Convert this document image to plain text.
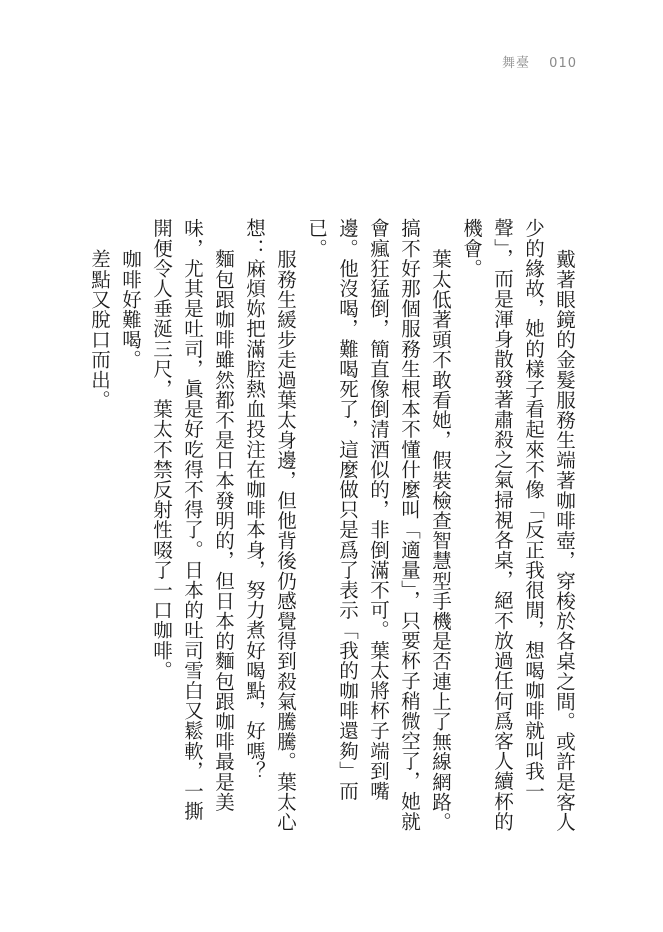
舞臺 010

戴著眼鏡的金髮服務生端著咖啡壺，穿梭於各桌之間。或許是客人少的緣故，她的樣子看起來不像「反正我很閒，想喝咖啡就叫我一聲」，而是渾身散發著肅殺之氣掃視各桌，絕不放過任何爲客人續杯的機會。

葉太低著頭不敢看她，假裝檢查智慧型手機是否連上了無線網路。搞不好那個服務生根本不懂什麼叫「適量」，只要杯子稍微空了，她就會瘋狂猛倒，簡直像倒清酒似的，非倒滿不可。葉太將杯子端到嘴邊。他沒喝，難喝死了，這麼做只是爲了表示「我的咖啡還夠」而已。

服務生緩步走過葉太身邊，但他背後仍感覺得到殺氣騰騰。葉太心想：麻煩妳把滿腔熱血投注在咖啡本身，努力煮好喝點，好嗎？

麵包跟咖啡雖然都不是日本發明的，但日本的麵包跟咖啡最是美味，尤其是吐司，眞是好吃得不得了。日本的吐司雪白又鬆軟，一撕開便令人垂涎三尺，葉太不禁反射性啜了一口咖啡。

咖啡好難喝。

差點又脫口而出。
